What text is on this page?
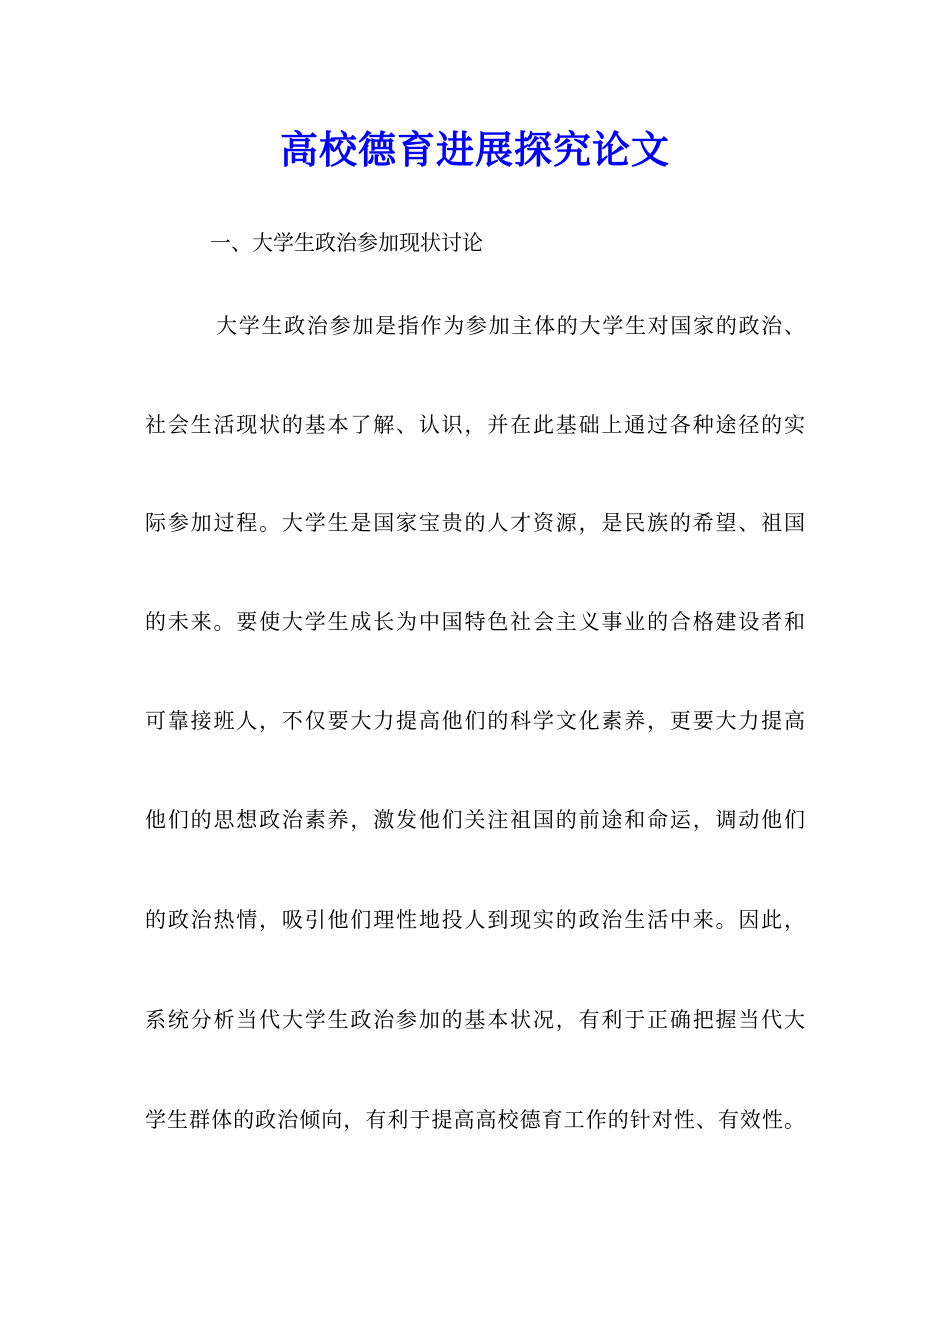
高校德育进展探究论文
一、大学生政治参加现状讨论
大学生政治参加是指作为参加主体的大学生对国家的政治、
社会生活现状的基本了解、认识，并在此基础上通过各种途径的实
际参加过程。大学生是国家宝贵的人才资源，是民族的希望、祖国
的未来。要使大学生成长为中国特色社会主义事业的合格建设者和
可靠接班人，不仅要大力提高他们的科学文化素养，更要大力提高
他们的思想政治素养，激发他们关注祖国的前途和命运，调动他们
的政治热情，吸引他们理性地投人到现实的政治生活中来。因此，
系统分析当代大学生政治参加的基本状况，有利于正确把握当代大
学生群体的政治倾向，有利于提高高校德育工作的针对性、有效性。
